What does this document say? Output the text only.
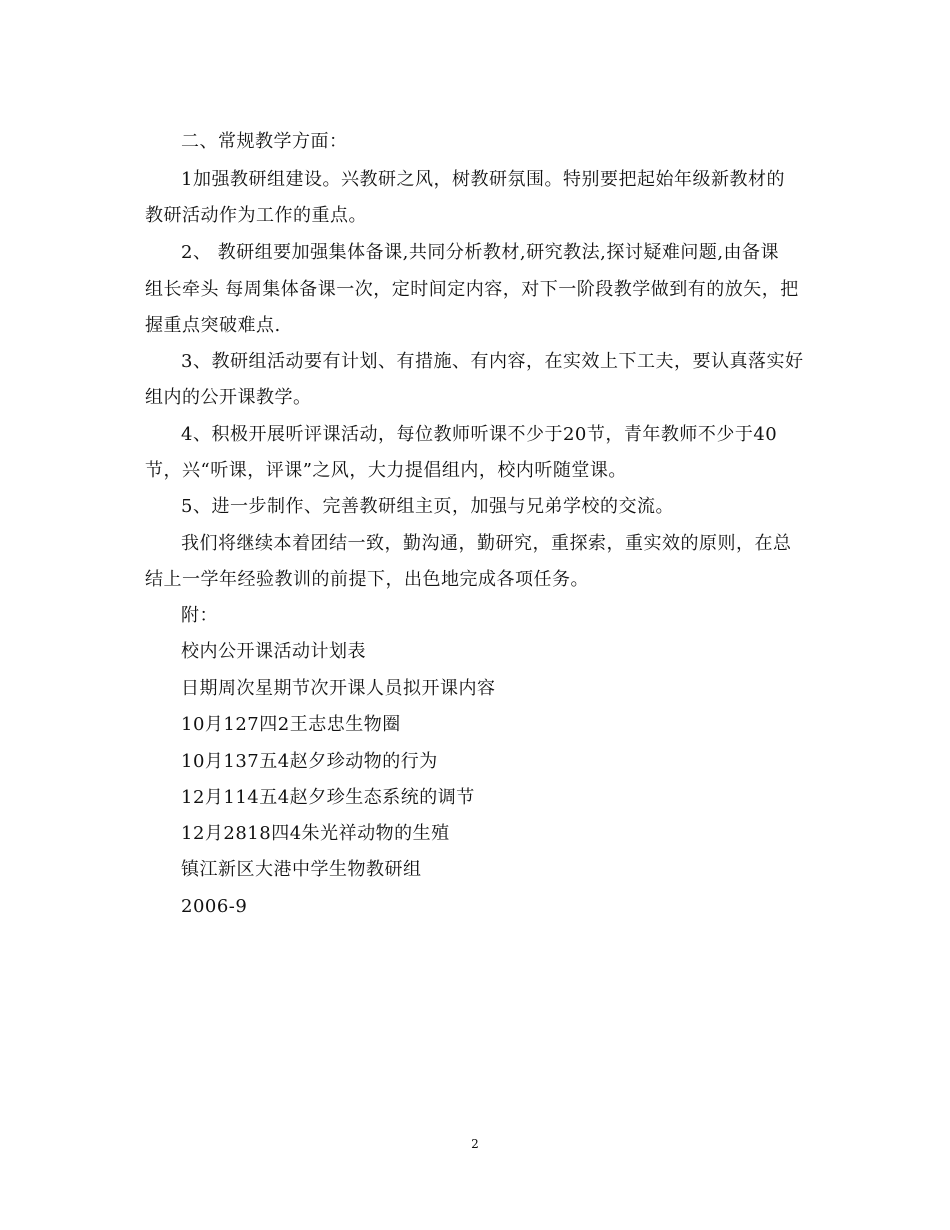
二、常规教学方面：
1加强教研组建设。兴教研之风，树教研氛围。特别要把起始年级新教材的
教研活动作为工作的重点。
2、 教研组要加强集体备课,共同分析教材,研究教法,探讨疑难问题,由备课
组长牵头 每周集体备课一次，定时间定内容，对下一阶段教学做到有的放矢，把
握重点突破难点.
3、教研组活动要有计划、有措施、有内容，在实效上下工夫，要认真落实好
组内的公开课教学。
4、积极开展听评课活动，每位教师听课不少于20节，青年教师不少于40
节，兴“听课，评课”之风，大力提倡组内，校内听随堂课。
5、进一步制作、完善教研组主页，加强与兄弟学校的交流。
我们将继续本着团结一致，勤沟通，勤研究，重探索，重实效的原则，在总
结上一学年经验教训的前提下，出色地完成各项任务。
附：
校内公开课活动计划表
日期周次星期节次开课人员拟开课内容
10月127四2王志忠生物圈
10月137五4赵夕珍动物的行为
12月114五4赵夕珍生态系统的调节
12月2818四4朱光祥动物的生殖
镇江新区大港中学生物教研组
2006-9
2
